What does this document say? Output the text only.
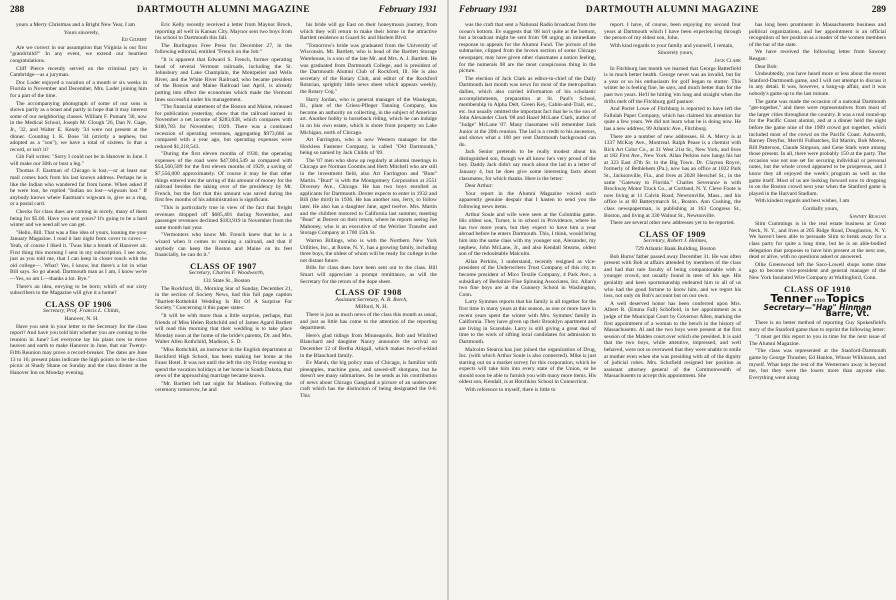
288	DARTMOUTH ALUMNI MAGAZINE	February 1931

yours a Merry Christmas and a Bright New Year, I am

Yours sincerely,

Ed Gilbert

Are we correct in our assumption that Virginia is our first "grandchild?" In any event, we extend our heartiest congratulations.

Cliff Pierce recently served on the criminal jury in Cambridge—as a juryman.

Doc Loder enjoyed a vacation of a month or six weeks in Florida in November and December, Mrs. Loder joining him for a part of the time.

The accompanying photograph of some of our sons is shown partly as a boast and partly in hope that it may interest some of our neighboring classes. William F. Putnam '30, now in the Medical School, Joseph M. Clough '26, Dan N. Gage, Jr., '32, and Walter E. Kendy '34 were not present at the dinner. Counting I. K. Bose '34 (strictly a nephew, but adopted as a "son"), we have a total of sixteen. Is that a record, or isn't it?

Gib Fall writes: "Sorry I could not be in Hanover in June. I will make our 30th or bust a leg."

Thomas F. Eastman of Chicago is lost,—or at least our mail comes back from his last known address. Perhaps he is like the Indian who wandered far from home. When asked if he were lost, he replied "Indian no lost—wigwam lost." If anybody knows where Eastman's wigwam is, give us a ring, or a postal card.

Checks for class dues are coming in nicely, many of them being for $5.00. Have you sent yours? It's going to be a hard winter and we need all we can get.

"Hello, Bill. That was a fine idea of yours, loaning me your January Magazine. I read it last night from cover to cover.—Yeah, of course I liked it. 'Twas like a breath of Hanover air. First thing this morning I sent in my subscription. I see now, just as you told me, that I can keep in closer touch with the old college—. What? Yes, I know, but there's a lot in what Bill says. So go ahead. Dartmouth man as I am, I know we're—Yes, so am I.—thanks a lot. Bye."

There's an idea, envying to be born; which of our sixty subscribers to the Magazine will give it a home?

CLASS OF 1906

Secretary, Prof. Francis L. Childs,

Hanover, N. H.

Have you sent in your letter to the Secretary for the class report? And have you told him whether you are coming to the reunion in June? Let everyone lay his plans now to move heaven and earth to make Hanover in June, that our Twenty-Fifth Reunion may prove a record-breaker. The dates are June 13 to 16; present plans indicate the high points to be the class picnic at Shady Shane on Sunday and the class dinner at the Hanover Inn on Monday evening.

Eric Kelly recently received a letter from Maynor Brock, reporting all well in Kansas City. Maynor sent two boys from his school to Dartmouth this fall.

The Burlington Free Press for December 27, in the following editorial, entitled "French on the Job:"

"It is apparent that Edward S. French, former operating head of several Vermont railroads, including the St. Johnsbury and Lake Champlain, the Montpelier and Wells River, and the White River Railroad, who became president of the Boston and Maine Railroad last April, is already putting into effect the economies which made the Vermont lines successful under his management.

"The financial statement of the Boston and Maine, released for publication yesterday, show that the railroad earned in November a net income of $283,038, which compares with $180,783 for November, 1929. There was a continued recession of operating revenues, aggregating $973,666 as compared with a year ago, but operating expenses were reduced $1,218,543.

"During the first eleven months of 1930, the operating expenses of the road were $47,004,549 as compared with $54,560,589 for the first eleven months of 1929, a saving of $7,556,000 approximately. Of course it may be that other things entered into the saving of this amount of money for the railroad besides the taking over of the presidency by Mr. French, but the fact that this amount was saved during the first few months of his administration is significant.

"This is particularly true in view of the fact that freight revenues dropped off $685,401 during November, and passenger revenues declined $183,919 in November from the same month last year.

"Vermonters who know Mr. French knew that he is a wizard when it comes to running a railroad, and that if anybody can keep the Boston and Maine on its feet financially, he can do it."

CLASS OF 1907

Secretary, Charles F. Woodworth,

131 State St., Boston

The Rockford, Ill., Morning Star of Sunday, December 21, in the section of Society News, had this full page caption "Bartlett-Rothehild Wedding Is Bit Of A Surprise For Society." Concerning it this paper states:

"It will be with more than a little surprise, perhaps, that friends of Miss Helen Rothchild and of James Agard Bartlett will read this morning that their wedding is to take place Monday noon at the home of the bride's parents, Dr. and Mrs. Walter Allen Rothchild, Madison, S. D.

"Miss Rothchild, an instructor in the English department at Rockford High School, has been making her home at the Faust Hotel. It was not until the left the city Friday evening to spend the vacation holidays at her home in South Dakota, that news of the approaching marriage became known.

"Mr. Bartlett left last night for Madison. Following the ceremony tomorrow, he and

his bride will go East on their honeymoon journey, from which they will return to make their home in the attractive Bartlett residence at Guard St. and Harlem Blvd.

"Tomorrow's bride was graduated from the University of Wisconsin. Mr. Bartlett, who is head of the Bartlett Storage Warehouse, is a son of the late Mr. and Mrs. A. J. Bartlett. He was graduated from Dartmouth College, and is president of the Dartmouth Alumni Club of Rockford, Ill. He is also secretary of the Rotary Club, and editor of the Rockford Rotarian, sprightly little news sheet which appears weekly, the Rotary Cog."

Harry Jordan, who is general manager of the Waukegan, Ill., plant of the Griess-Pfleger Tanning Company, has become an authority on collecting, in the subject of American art. Another hobby is horseback riding, which he can indulge in on his own estate, which is shore front property on Lake Michigan, north of Chicago.

Art Farrington, who is now Western manager for the Hockless Fastener Company, is called "Old Dartmouth," being so named by Jack Childs of '09.

The '07 men who show up regularly at alumni meetings in Chicago are Norman Coombs and Herb Mitchell who are still in the investment field, also Art Farrington and "Bunt" Martin. "Bunt" is with the Montgomery Corporation at 2551 Diversey Ave., Chicago. He has two boys enrolled as applicants for Dartmouth. Dexter expects to enter in 1932 and Bill (the third) in 1936. He has another son, Jerry, to follow later. He also has a daughter Jane, aged twelve. Mrs. Martin and the children motored to California last summer, meeting "Bunt" at Denver on their return, where he reports seeing Joe Mahoney, who is an executive of the Weicker Transfer and Storage Company at 1700 15th St.

Warren Billings, who is with the Northern New York Utilities, Inc., at Rome, N. Y., has a growing family, including three boys, the oldest of whom will be ready for college in the not distant future.

Bills for class dues have been sent out to the class. Bill Smart will appreciate a prompt remittance, as will the Secretary for the return of the dope sheet.

CLASS OF 1908

Assistant Secretary, A. B. Rotch,

Milford, N. H.

There is just as much news of the class this month as usual, and just as little has come to the attention of the reporting department.

Here's glad tidings from Minneapolis. Bob and Winifred Blanchard and daughter Nancy announce the arrival on December 12 of Bertha Abigail, which makes two-of-a-kind in the Blanchard family.

Ev Marsh, the big policy man of Chicago, is familiar with pineapples, machine guns, and sawed-off shotguns, but he doesn't see many submarines. So he sends as his contribution of news about Chicago Gangland a picture of an underwater craft which has the distinction of being designated the 0-8. This

February 1931	DARTMOUTH ALUMNI MAGAZINE	289

was the craft that sent a National Radio broadcast from the ocean's bottom. Ev suggests that '08 isn't quite at the bottom, but a broadcast might be sent from '08 urging an immediate response to appeals for the Alumni Fund. The picture of the submarine, clipped from the brown section of some Chicago newspaper, may have given other classmates a notion feeling, for the numerals 08 are the most conspicuous thing in the picture.

The election of Jack Clark as editor-in-chief of the Daily Dartmouth last month was news for most of the metropolitan dailies, which also carried information of his scholastic accomplishments, preparation at St. Paul's School, membership in Alpha Delt, Green Key, Cabin-and-Trail, etc., etc. but usually omitted the important fact that he is the son of John Alexander Clark '08 and Hazel McLane Clark, author of "Judge" McLane '07. Many classmates will remember Jack Junior at the 20th reunion. The lad is a credit to his ancestors, and shows what a 100 per cent Dartmouth background can do.

Jack Senior pretends to be really modest about his distinguished son, though we all know he's very proud of the boy. Daddy Jack didn't say much about the lad in a letter of January 4, but he does give some interesting facts about classmates, for which thanks. Here is the letter:

Dear Arthur:

Your report in the Alumni Magazine voiced such apparently genuine despair that I hasten to send you the following news items.

Arthur Soule and wife were seen at the Columbia game. His oldest son, Turner, is in school in Providence, where he has two more years, but they expect to have him a year abroad before he enters Dartmouth. This, I think, would bring him into the same class with my younger son, Alexander, my nephew, John McLane, Jr., and also Kendall Stearns, oldest son of the redoubtable Malcolm.

Allan Perkins, I understand, recently resigned as vice-president of the Underwriters Trust Company of this city to become president of Mico Textile Company, 4 Park Ave., a subsidiary of Berkshire Fine Spinning Associates, Inc. Allan's two fine boys are at the Gunnery School in Washington, Conn.

Larry Symmes reports that his family is all together for the first time in many years at this season, as one or more have in recent years spent the winter with Mrs. Symmes' family in California. They have given up their Brooklyn apartment and are living in Scarsdale. Larry is still giving a great deal of time to the work of sifting local candidates for admission to Dartmouth.

Malcolm Stearns has just joined the organization of Drug, Inc. (with which Arthur Soule is also connected). Mike is just starting out on a market survey for this corporation, which he expects will take him into every state of the Union, so he should soon be able to furnish you with many more items. His oldest son, Kendall, is at Hotchkiss School in Connecticut.

With reference to myself, there is little to

report. I have, of course, been enjoying my second four years at Dartmouth which I have been experiencing through the person of my eldest son, John.

With kind regards to your family and yourself, I remain,

Sincerely yours,

Jack Clark

In Fitchburg last month we learned that George Batterfield is in much better health. George never was an invalid, but for a year or so his enthusiasm for golf began to stutter. This winter he is feeling fine, he says, and much better than for the past two years. He'll be hitting 'em long and straight when the drifts melt off the Fitchburg golf pasture.

And Porter Lowe of Fitchburg is reported to have left the Fallulah Paper Company, which has claimed his attention for quite a few years. We did not learn what he is doing now. He has a new address, 99 Atlantic Ave., Fitchburg.

There are a number of new addresses. H. A. Mercy is at 1337 McKay Ave., Montreal. Ralph Pease is a chemist with Rich Art Color Co., at 31 West 21st St., New York, and lives at 182 First Ave., New York. Allan Perkins now hangs his hat at 323 East 47th St. in the Big Town. Dr. Clayton Royce, formerly of Bethlehem (Pa.), now has an office at 1022 Park St., Jacksonville, Fla., and lives at 2028 Herschel St., in the same "Gateway to Florida." Charles Severance is with Brockway Motor Truck Co., at Cortland, N. Y. Cleve Foote is now living at 11 Calvin Road, Newtonville, Mass., and his office is at 60 Batterymarch St., Boston. Ann Cushing, the class newspaperman, is publishing at 163 Congress St., Boston, and living at 330 Walnut St., Newtonville.

There are several other new addresses yet to be reported.

CLASS OF 1909

Secretary, Robert J. Holmes,

729 Atlantic Bank Building, Boston

Bob Burns' father passed away December 31. He was often present with Bob at affairs attended by members of the class and had that rare faculty of being companionable with a younger crowd, not usually found in men of his age. His geniality and keen sportsmanship endeared him to all of us who had the good fortune to know him, and we regret his loss, not only on Bob's account but on our own.

A well deserved honor has been conferred upon Mrs. Albert R. (Emma Fall) Schofield, in her appointment as a judge of the Municipal Court by Governor Allen, marking the first appointment of a woman to the bench in the history of Massachusetts. Al and the two boys were present at the first session of the Malden court over which she presided. It is said that the two boys, while attentive, impressed, and well behaved, were not so overawed that they were unable to smile at mother even when she was presiding with all of the dignity of judicial robes. Mrs. Schofield resigned her position as assistant attorney general of the Commonwealth of Massachusetts to accept this appointment. She

has long been prominent in Massachusetts business and political organizations, and her appointment is an official recognition of her position as a leader of the women members of the bar of the state.

We have received the following letter from Sawney Reagan:

Dear Bob:

Undoubtedly, you have heard more or less about the recent Stanford-Dartmouth game, and I will not attempt to discuss it in any detail. It was, however, a bang-up affair, and it was nobody's game up to the last minute.

The game was made the occasion of a national Dartmouth "get-together," and there were representatives from most of the larger cities throughout the country. It was a real round-up for the Pacific Coast alumni, and at a dinner held the night before the game nine of the 1909 crowd got together, which included most of the crowd on the Pacific Coast. Ashworth, Barney Dreyfus, Merrill Fulbatches, Ed Martin, Bob Moove, Bill Patterson, Claude Simpson, and Gene Stark were among those present. In all, there were probably 150 at the party. The occasion was not one set for securing individual or personal notes, but the whole crowd appeared to be prosperous, and I know they all enjoyed the week's program as well as the game itself. Most of us are looking forward now to dropping in on the Boston crowd next year when the Stanford game is played in the Harvard Stadium.

With kindest regards and best wishes, I am

Cordially yours,

Sawney Reagan

Slim Cummings is in the real estate business at Great Neck, N. Y., and lives at 205 Ridge Road, Douglaston, N. Y. We haven't been able to persuade Slim to break away for a class party for quite a long time, but he is an able-bodied delegation that proposes to have him present at the next one, dead or alive, with no questions asked or answered.

Ollie Greenwood left the Saco-Lowell shops some time ago to become vice-president and general manager of the New York Insulated Wire Company at Wallingford, Conn.

CLASS OF 1910
Tenner 1910 Topics
Secretary—"Hap" Hinman
Barre, Vt.

There is no better method of reporting Guy Spokesfield's story of the Stanford game than to reprint the following letter:

"I must get this report to you in time for the next issue of The Alumni Magazine.

"The class was represented at the Stanford-Dartmouth game by George Thrasher, Ed Hanlon, Winsor Wilkinson, and myself. What kept the rest of the Westerners away is beyond me, but they were the losers more than anyone else. Everything went along
